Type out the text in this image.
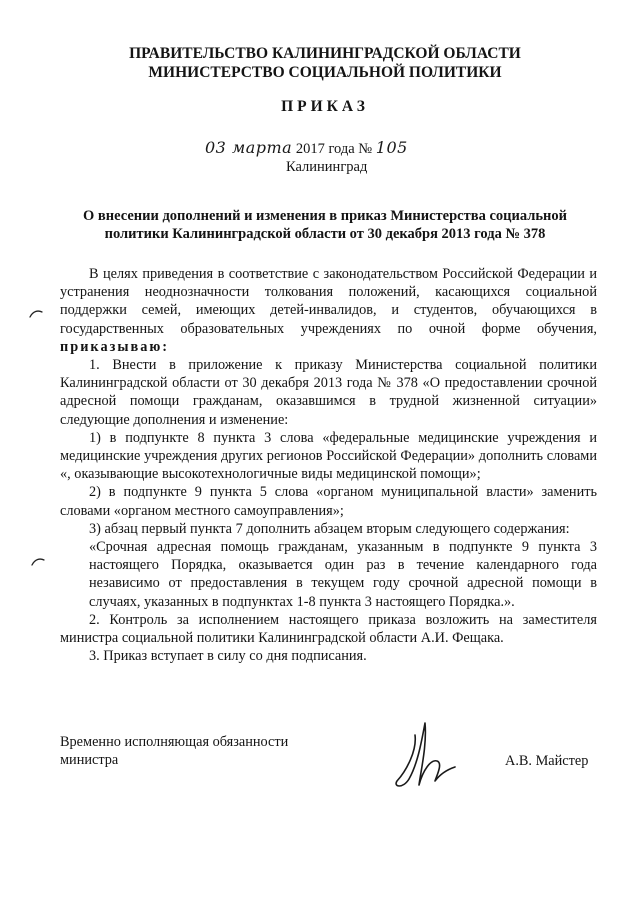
ПРАВИТЕЛЬСТВО КАЛИНИНГРАДСКОЙ ОБЛАСТИ
МИНИСТЕРСТВО СОЦИАЛЬНОЙ ПОЛИТИКИ
ПРИКАЗ
03 марта 2017 года № 105
Калининград
О внесении дополнений и изменения в приказ Министерства социальной
политики Калининградской области от 30 декабря 2013 года № 378

В целях приведения в соответствие с законодательством Российской Федерации и устранения неоднозначности толкования положений, касающихся социальной поддержки семей, имеющих детей-инвалидов, и студентов, обучающихся в государственных образовательных учреждениях по очной форме обучения, приказываю:

1. Внести в приложение к приказу Министерства социальной политики Калининградской области от 30 декабря 2013 года № 378 «О предоставлении срочной адресной помощи гражданам, оказавшимся в трудной жизненной ситуации» следующие дополнения и изменение:

1) в подпункте 8 пункта 3 слова «федеральные медицинские учреждения и медицинские учреждения других регионов Российской Федерации» дополнить словами «, оказывающие высокотехнологичные виды медицинской помощи»;

2) в подпункте 9 пункта 5 слова «органом муниципальной власти» заменить словами «органом местного самоуправления»;

3) абзац первый пункта 7 дополнить абзацем вторым следующего содержания:

«Срочная адресная помощь гражданам, указанным в подпункте 9 пункта 3 настоящего Порядка, оказывается один раз в течение календарного года независимо от предоставления в текущем году срочной адресной помощи в случаях, указанных в подпунктах 1-8 пункта 3 настоящего Порядка.».

2. Контроль за исполнением настоящего приказа возложить на заместителя министра социальной политики Калининградской области А.И. Фещака.

3. Приказ вступает в силу со дня подписания.

Временно исполняющая обязанности
министра	А.В. Майстер
